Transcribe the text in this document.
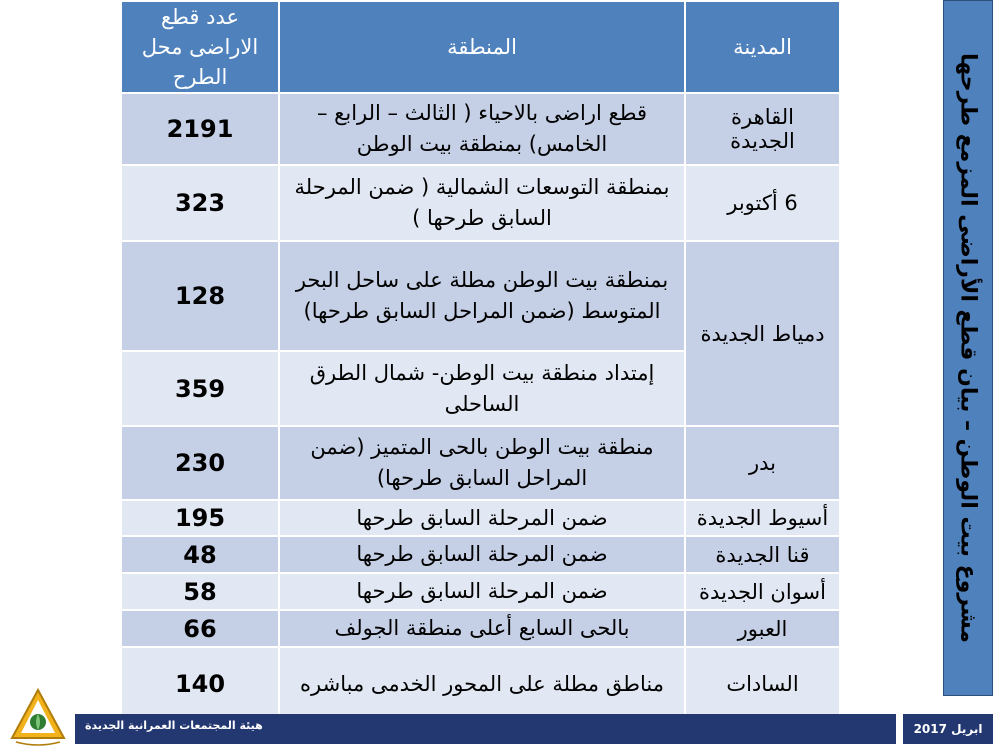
المدينة	المنطقة	عدد قطع الاراضى محل الطرح
القاهرة الجديدة	قطع اراضى بالاحياء ( الثالث – الرابع – الخامس) بمنطقة بيت الوطن	2191
6 أكتوبر	بمنطقة التوسعات الشمالية ( ضمن المرحلة السابق طرحها )	323
دمياط الجديدة	بمنطقة بيت الوطن مطلة على ساحل البحر المتوسط (ضمن المراحل السابق طرحها)	128
	إمتداد منطقة بيت الوطن- شمال الطرق الساحلى	359
بدر	منطقة بيت الوطن بالحى المتميز (ضمن المراحل السابق طرحها)	230
أسيوط الجديدة	ضمن المرحلة السابق طرحها	195
قنا الجديدة	ضمن المرحلة السابق طرحها	48
أسوان الجديدة	ضمن المرحلة السابق طرحها	58
العبور	بالحى السابع أعلى منطقة الجولف	66
السادات	مناطق مطلة على المحور الخدمى مباشره	140
مشروع بيت الوطن – بيان قطع الأراضى المزمع طرحها
هيئة المجتمعات العمرانية الجديدة	ابريل 2017
